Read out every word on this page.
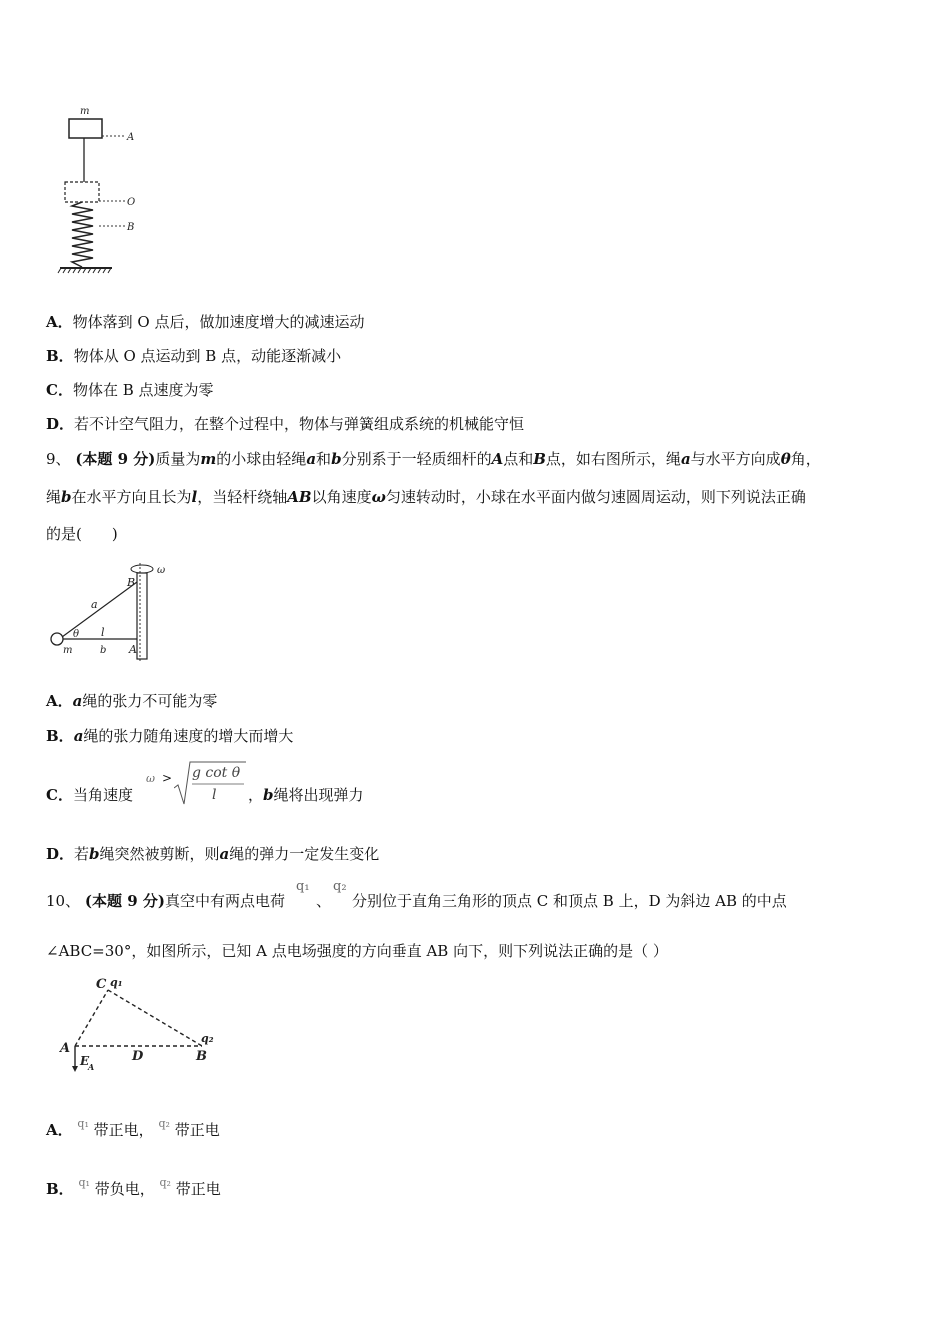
m
A
O
B
A．物体落到 O 点后，做加速度增大的减速运动
B．物体从 O 点运动到 B 点，动能逐渐减小
C．物体在 B 点速度为零
D．若不计空气阻力，在整个过程中，物体与弹簧组成系统的机械能守恒
9、 (本题 9 分)质量为m的小球由轻绳a和b分别系于一轻质细杆的A点和B点，如右图所示，绳a与水平方向成θ角，
绳b在水平方向且长为l，当轻杆绕轴AB以角速度ω匀速转动时，小球在水平面内做匀速圆周运动，则下列说法正确
的是(　　)
ω
B
a
θ l
m	b A
A．a绳的张力不可能为零
B．a绳的张力随角速度的增大而增大
C．当角速度
ω > g cot θ
l ，b绳将出现弹力
D．若b绳突然被剪断，则a绳的弹力一定发生变化
10、 (本题 9 分)真空中有两点电荷
q₁
、
q₂
分别位于直角三角形的顶点 C 和顶点 B 上，D 为斜边 AB 的中点
∠ABC=30°，如图所示，已知 A 点电场强度的方向垂直 AB 向下，则下列说法正确的是（ ）
C q₁
q₂
A
D	B
E
A
A． $^{q_1}$ 带正电， $^{q_2}$ 带正电
B． $^{q_1}$ 带负电， $^{q_2}$ 带正电
